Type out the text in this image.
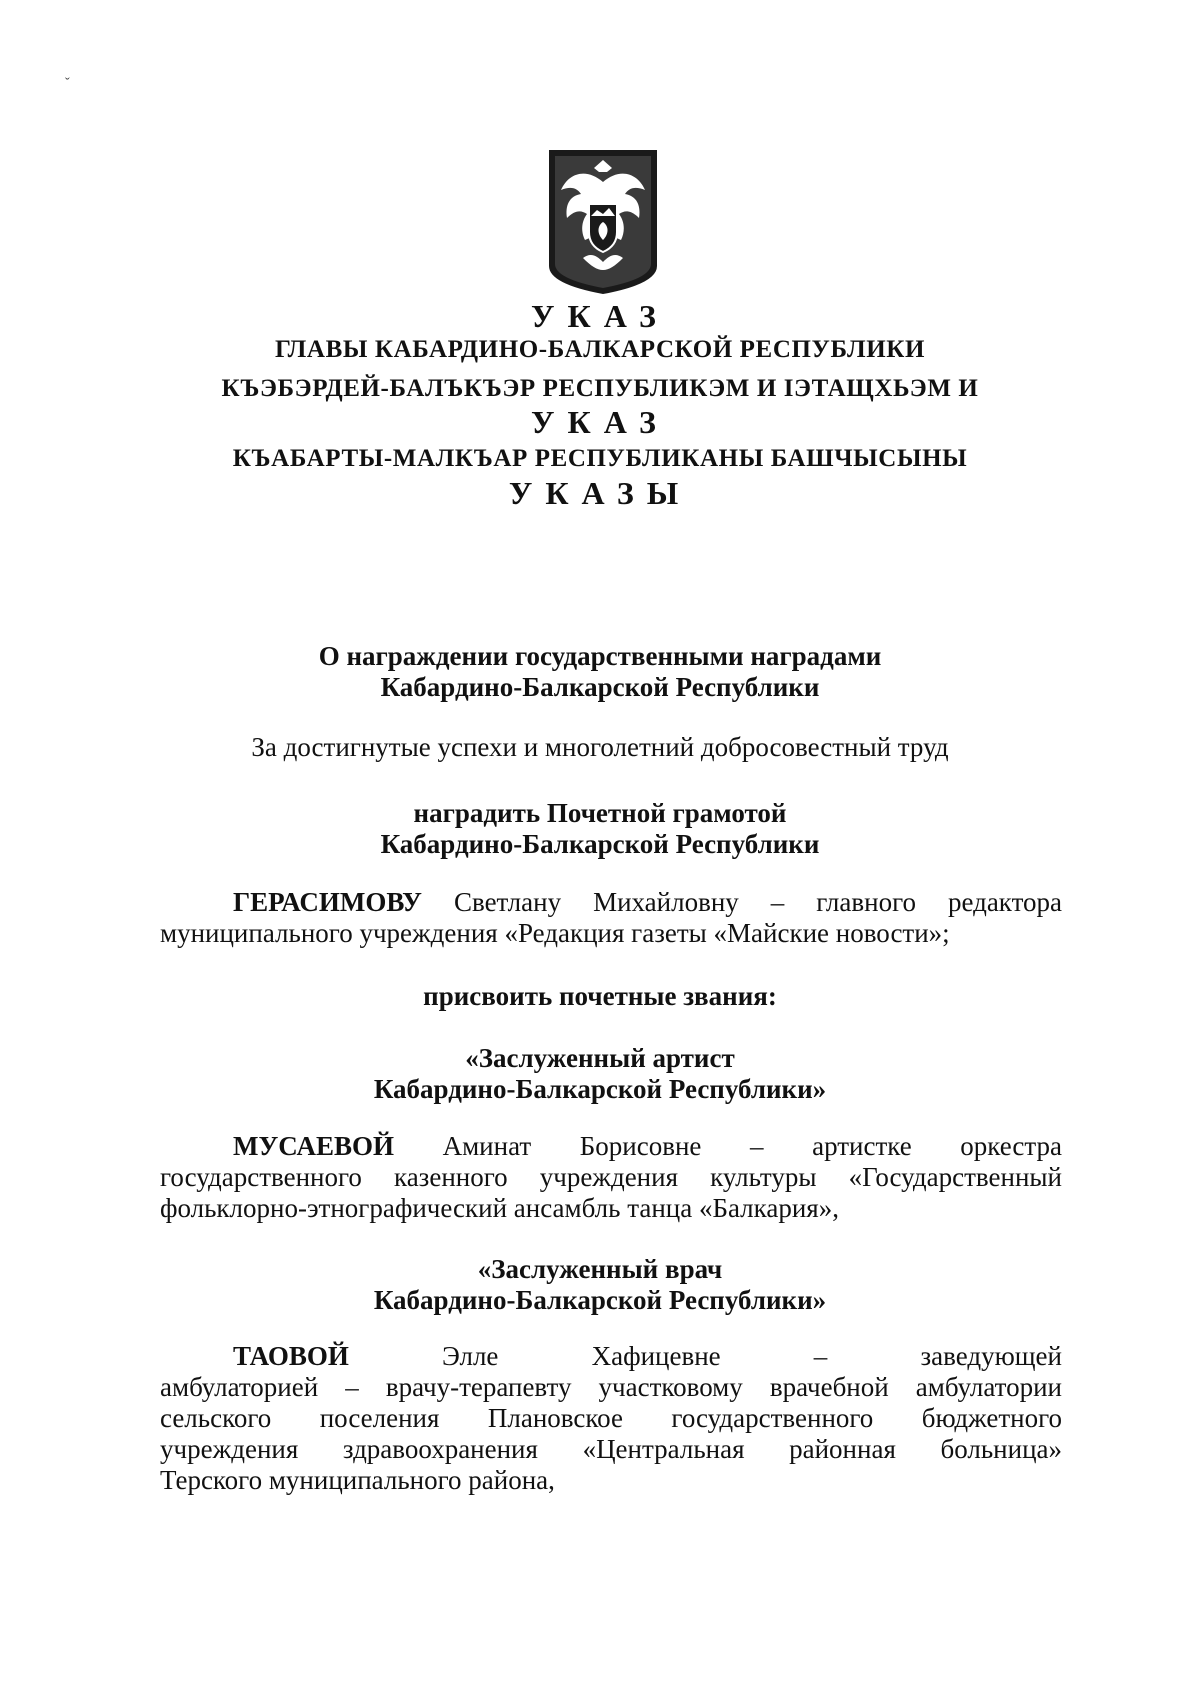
ˇ
УКАЗ
ГЛАВЫ КАБАРДИНО-БАЛКАРСКОЙ РЕСПУБЛИКИ
КЪЭБЭРДЕЙ-БАЛЪКЪЭР РЕСПУБЛИКЭМ И ІЭТАЩХЬЭМ И
УКАЗ
КЪАБАРТЫ-МАЛКЪАР РЕСПУБЛИКАНЫ БАШЧЫСЫНЫ
УКАЗЫ
О награждении государственными наградами
Кабардино-Балкарской Республики
За достигнутые успехи и многолетний добросовестный труд
наградить Почетной грамотой
Кабардино-Балкарской Республики
ГЕРАСИМОВУ Светлану Михайловну – главного редактора
муниципального учреждения «Редакция газеты «Майские новости»;
присвоить почетные звания:
«Заслуженный артист
Кабардино-Балкарской Республики»
МУСАЕВОЙ Аминат Борисовне – артистке оркестра
государственного казенного учреждения культуры «Государственный
фольклорно-этнографический ансамбль танца «Балкария»,
«Заслуженный врач
Кабардино-Балкарской Республики»
ТАОВОЙ Элле Хафицевне – заведующей
амбулаторией – врачу-терапевту участковому врачебной амбулатории
сельского поселения Плановское государственного бюджетного
учреждения здравоохранения «Центральная районная больница»
Терского муниципального района,
